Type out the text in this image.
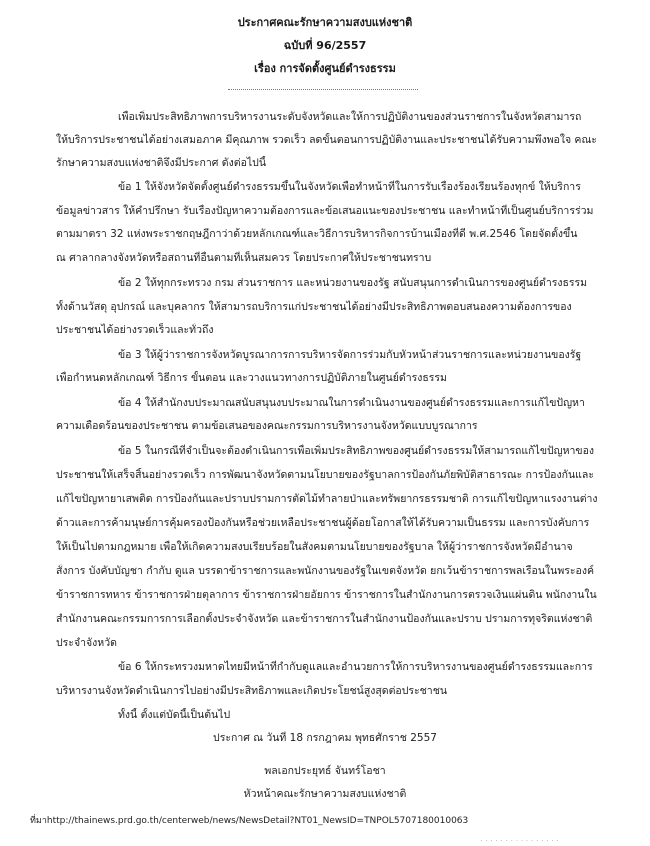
ประกาศคณะรักษาความสงบแห่งชาติ
ฉบับที่ 96/2557
เรื่อง การจัดตั้งศูนย์ดำรงธรรม
เพื่อเพิ่มประสิทธิภาพการบริหารงานระดับจังหวัดและให้การปฏิบัติงานของส่วนราชการในจังหวัดสามารถ
ให้บริการประชาชนได้อย่างเสมอภาค มีคุณภาพ รวดเร็ว ลดขั้นตอนการปฏิบัติงานและประชาชนได้รับความพึงพอใจ คณะ
รักษาความสงบแห่งชาติจึงมีประกาศ ดังต่อไปนี้
ข้อ 1 ให้จังหวัดจัดตั้งศูนย์ดำรงธรรมขึ้นในจังหวัดเพื่อทำหน้าที่ในการรับเรื่องร้องเรียนร้องทุกข์ ให้บริการ
ข้อมูลข่าวสาร ให้คำปรึกษา รับเรื่องปัญหาความต้องการและข้อเสนอแนะของประชาชน และทำหน้าที่เป็นศูนย์บริการร่วม
ตามมาตรา 32 แห่งพระราชกฤษฎีกาว่าด้วยหลักเกณฑ์และวิธีการบริหารกิจการบ้านเมืองที่ดี พ.ศ.2546 โดยจัดตั้งขึ้น
ณ ศาลากลางจังหวัดหรือสถานที่อื่นตามที่เห็นสมควร โดยประกาศให้ประชาชนทราบ
ข้อ 2 ให้ทุกกระทรวง กรม ส่วนราชการ และหน่วยงานของรัฐ สนับสนุนการดำเนินการของศูนย์ดำรงธรรม
ทั้งด้านวัสดุ อุปกรณ์ และบุคลากร ให้สามารถบริการแก่ประชาชนได้อย่างมีประสิทธิภาพตอบสนองความต้องการของ
ประชาชนได้อย่างรวดเร็วและทั่วถึง
ข้อ 3 ให้ผู้ว่าราชการจังหวัดบูรณาการการบริหารจัดการร่วมกับหัวหน้าส่วนราชการและหน่วยงานของรัฐ
เพื่อกำหนดหลักเกณฑ์ วิธีการ ขั้นตอน และวางแนวทางการปฏิบัติภายในศูนย์ดำรงธรรม
ข้อ 4 ให้สำนักงบประมาณสนับสนุนงบประมาณในการดำเนินงานของศูนย์ดำรงธรรมและการแก้ไขปัญหา
ความเดือดร้อนของประชาชน ตามข้อเสนอของคณะกรรมการบริหารงานจังหวัดแบบบูรณาการ
ข้อ 5 ในกรณีที่จำเป็นจะต้องดำเนินการเพื่อเพิ่มประสิทธิภาพของศูนย์ดำรงธรรมให้สามารถแก้ไขปัญหาของ
ประชาชนให้เสร็จสิ้นอย่างรวดเร็ว การพัฒนาจังหวัดตามนโยบายของรัฐบาลการป้องกันภัยพิบัติสาธารณะ การป้องกันและ
แก้ไขปัญหายาเสพติด การป้องกันและปราบปรามการตัดไม้ทำลายป่าและทรัพยากรธรรมชาติ การแก้ไขปัญหาแรงงานต่าง
ด้าวและการค้ามนุษย์การคุ้มครองป้องกันหรือช่วยเหลือประชาชนผู้ด้อยโอกาสให้ได้รับความเป็นธรรม และการบังคับการ
ให้เป็นไปตามกฎหมาย เพื่อให้เกิดความสงบเรียบร้อยในสังคมตามนโยบายของรัฐบาล ให้ผู้ว่าราชการจังหวัดมีอำนาจ
สั่งการ บังคับบัญชา กำกับ ดูแล บรรดาข้าราชการและพนักงานของรัฐในเขตจังหวัด ยกเว้นข้าราชการพลเรือนในพระองค์
ข้าราชการทหาร ข้าราชการฝ่ายตุลาการ ข้าราชการฝ่ายอัยการ ข้าราชการในสำนักงานการตรวจเงินแผ่นดิน พนักงานใน
สำนักงานคณะกรรมการการเลือกตั้งประจำจังหวัด และข้าราชการในสำนักงานป้องกันและปราบ ปรามการทุจริตแห่งชาติ
ประจำจังหวัด
ข้อ 6 ให้กระทรวงมหาดไทยมีหน้าที่กำกับดูแลและอำนวยการให้การบริหารงานของศูนย์ดำรงธรรมและการ
บริหารงานจังหวัดดำเนินการไปอย่างมีประสิทธิภาพและเกิดประโยชน์สูงสุดต่อประชาชน
ทั้งนี้ ตั้งแต่บัดนี้เป็นต้นไป
ประกาศ ณ วันที่ 18 กรกฎาคม พุทธศักราช 2557
พลเอกประยุทธ์ จันทร์โอชา
หัวหน้าคณะรักษาความสงบแห่งชาติ
ที่มาhttp://thainews.prd.go.th/centerweb/news/NewsDetail?NT01_NewsID=TNPOL5707180010063
. . . . . . . . . . . . . . . .
